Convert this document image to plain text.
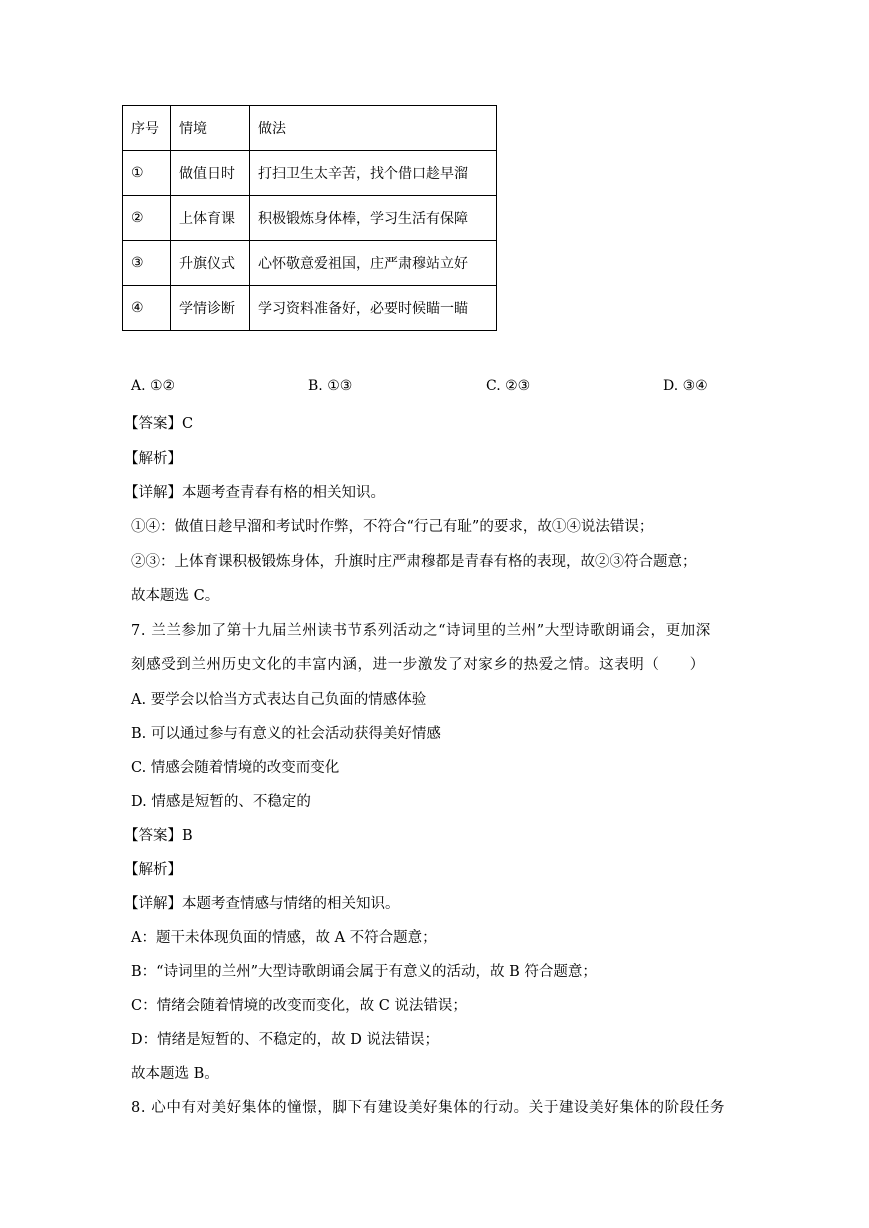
序号	情境	做法
①	做值日时	打扫卫生太辛苦，找个借口趁早溜
②	上体育课	积极锻炼身体棒，学习生活有保障
③	升旗仪式	心怀敬意爱祖国，庄严肃穆站立好
④	学情诊断	学习资料准备好，必要时候瞄一瞄
A. ①②	B. ①③	C. ②③	D. ③④
【答案】C
【解析】
【详解】本题考查青春有格的相关知识。
①④：做值日趁早溜和考试时作弊，不符合“行己有耻”的要求，故①④说法错误；
②③：上体育课积极锻炼身体，升旗时庄严肃穆都是青春有格的表现，故②③符合题意；
故本题选 C。
7. 兰兰参加了第十九届兰州读书节系列活动之“诗词里的兰州”大型诗歌朗诵会，更加深
刻感受到兰州历史文化的丰富内涵，进一步激发了对家乡的热爱之情。这表明（　　）
A. 要学会以恰当方式表达自己负面的情感体验
B. 可以通过参与有意义的社会活动获得美好情感
C. 情感会随着情境的改变而变化
D. 情感是短暂的、不稳定的
【答案】B
【解析】
【详解】本题考查情感与情绪的相关知识。
A：题干未体现负面的情感，故 A 不符合题意；
B：“诗词里的兰州”大型诗歌朗诵会属于有意义的活动，故 B 符合题意；
C：情绪会随着情境的改变而变化，故 C 说法错误；
D：情绪是短暂的、不稳定的，故 D 说法错误；
故本题选 B。
8. 心中有对美好集体的憧憬，脚下有建设美好集体的行动。关于建设美好集体的阶段任务
